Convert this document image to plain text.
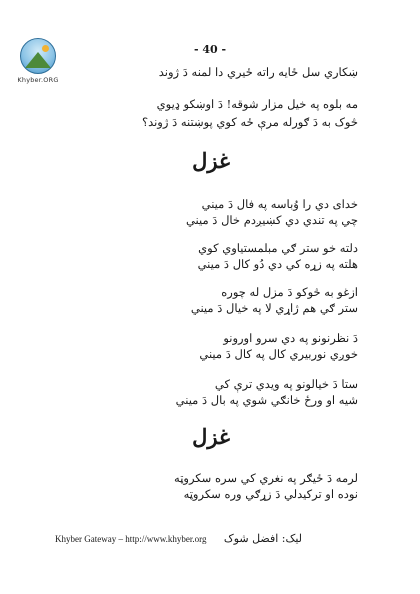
Khyber.ORG
- 40 -
ښکاري سل ځايه راته ځيري دا لمنه دَ ژوند
مه بلوه په خيل مزار شوقه! دَ اوښکو ډيوي
څوک به دَ ګورله مرې ځه کوي پوښتنه دَ ژوند؟
غزل
خداى دي را وُباسه په فال دَ ميني
چي په تندي دي کښيږدم خال دَ ميني
دلته خو ستر ګي مبلمستياوي کوي
هلته په زړه کي دي دُو کال دَ ميني
ازغو به څوکو دَ مزل له چوره
ستر ګي هم ژاړي لا په خيال دَ ميني
دَ نظرنونو په دي سرو اورونو
خوږي نوربيري کال په کال دَ ميني
ستا دَ خيالونو په ويدي ترې کي
شيه او ورځ خانګي شوي په بال دَ ميني
غزل
لرمه دَ ځيګر په نغري کي سره سکروټه
نوده او ترکيدلي دَ زړګي وره سکروټه
Khyber Gateway – http://www.khyber.org ليک: افضل شوک
